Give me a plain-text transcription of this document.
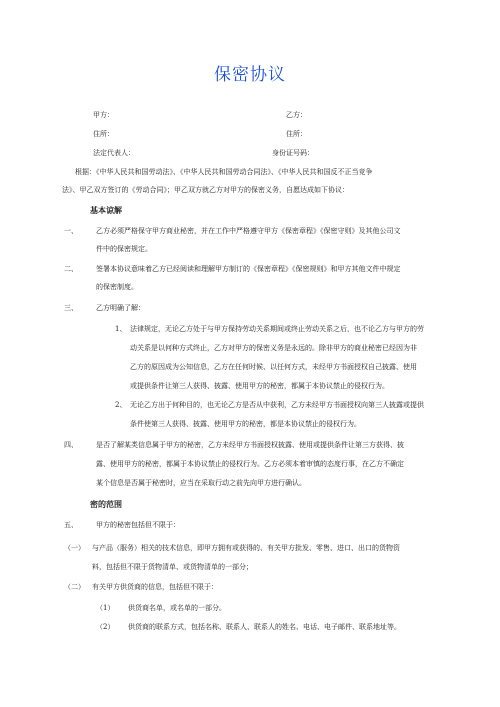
保密协议
甲方：	乙方：
住所：	住所：
法定代表人：	身份证号码：
根据：《中华人民共和国劳动法》、《中华人民共和国劳动合同法》、《中华人民共和国反不正当竞争
法》、甲乙双方签订的《劳动合同》；甲乙双方就乙方对甲方的保密义务，自愿达成如下协议：
基本谅解
一、	乙方必须严格保守甲方商业秘密，并在工作中严格遵守甲方《保密章程》《保密守则》及其他公司文
件中的保密规定。
二、	签署本协议意味着乙方已经阅读和理解甲方制订的《保密章程》《保密规则》和甲方其他文件中规定
的保密制度。
三、	乙方明确了解：
1、 法律规定，无论乙方处于与甲方保持劳动关系期间或终止劳动关系之后，也不论乙方与甲方的劳
动关系是以何种方式终止，乙方对甲方的保密义务是永远的。除非甲方的商业秘密已经因为非
乙方的原因成为公知信息，乙方在任何时候、以任何方式，未经甲方书面授权自己披露、使用
或提供条件让第三人获得、披露、使用甲方的秘密，都属于本协议禁止的侵权行为。
2、 无论乙方出于何种目的，也无论乙方是否从中获利，乙方未经甲方书面授权向第三人披露或提供
条件使第三人获得、披露、使用甲方的秘密，都是本协议禁止的侵权行为。
四、	是否了解某类信息属于甲方的秘密，乙方未经甲方书面授权披露、使用或提供条件让第三方获得、披
露、使用甲方的秘密，都属于本协议禁止的侵权行为。乙方必须本着审慎的态度行事，在乙方不确定
某个信息是否属于秘密时，应当在采取行动之前先向甲方进行确认。
密的范围
五、	甲方的秘密包括但不限于：
（一） 与产品（服务）相关的技术信息，即甲方拥有或获得的、有关甲方批发、零售、进口、出口的货物资
料，包括但不限于货物清单、或货物清单的一部分；
（二） 有关甲方供货商的信息，包括但不限于：
（1） 供货商名单，或名单的一部分。
（2） 供货商的联系方式，包括名称、联系人、联系人的姓名、电话、电子邮件、联系地址等。
